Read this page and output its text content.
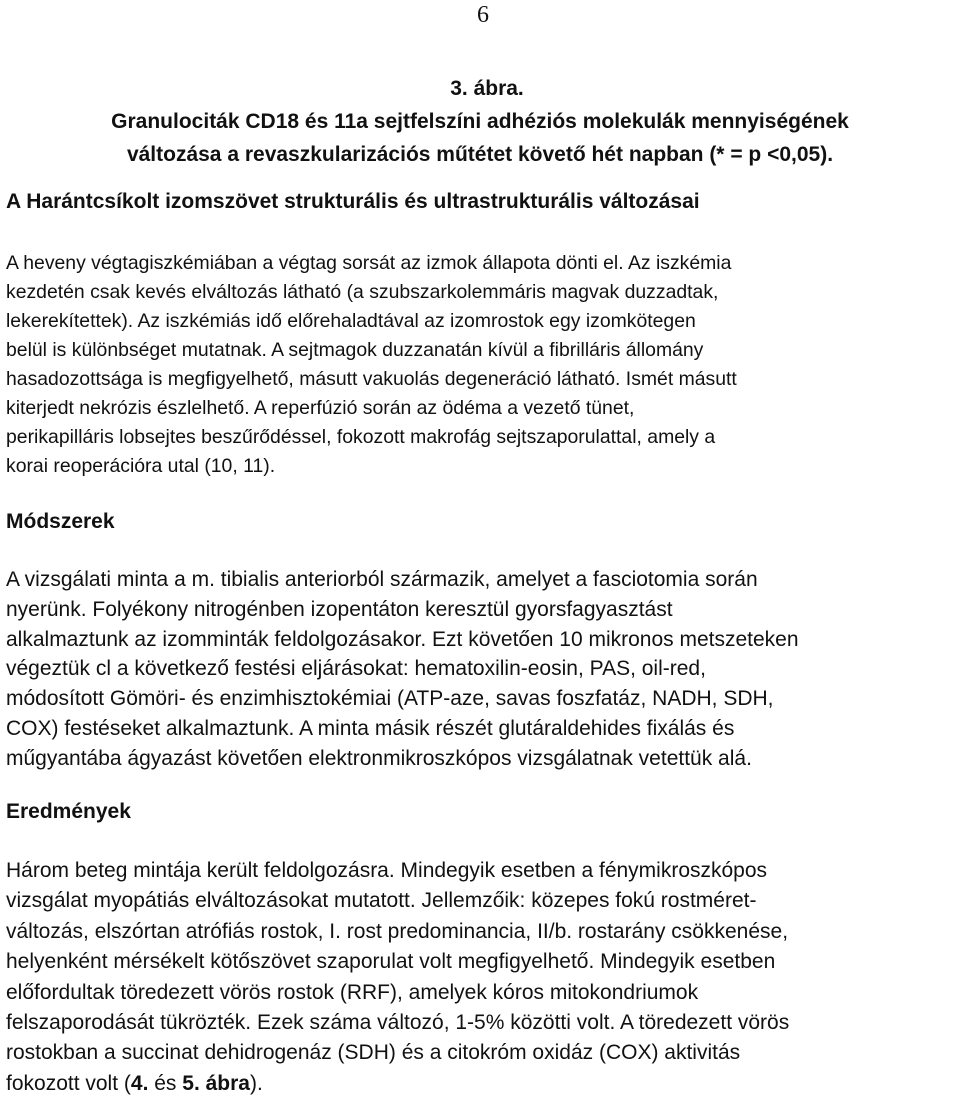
6
3. ábra.
Granulociták CD18 és 11a sejtfelszíni adhéziós molekulák mennyiségének
változása a revaszkularizációs műtétet követő hét napban (* = p <0,05).
A Harántcsíkolt izomszövet strukturális és ultrastrukturális változásai

A heveny végtagiszkémiában a végtag sorsát az izmok állapota dönti el. Az iszkémia
kezdetén csak kevés elváltozás látható (a szubszarkolemmáris magvak duzzadtak,
lekerekítettek). Az iszkémiás idő előrehaladtával az izomrostok egy izomkötegen
belül is különbséget mutatnak. A sejtmagok duzzanatán kívül a fibrilláris állomány
hasadozottsága is megfigyelhető, másutt vakuolás degeneráció látható. Ismét másutt
kiterjedt nekrózis észlelhető. A reperfúzió során az ödéma a vezető tünet,
perikapilláris lobsejtes beszűrődéssel, fokozott makrofág sejtszaporulattal, amely a
korai reoperációra utal (10, 11).

Módszerek

A vizsgálati minta a m. tibialis anteriorból származik, amelyet a fasciotomia során
nyerünk. Folyékony nitrogénben izopentáton keresztül gyorsfagyasztást
alkalmaztunk az izomminták feldolgozásakor. Ezt követően 10 mikronos metszeteken
végeztük cl a következő festési eljárásokat: hematoxilin-eosin, PAS, oil-red,
módosított Gömöri- és enzimhisztokémiai (ATP-aze, savas foszfatáz, NADH, SDH,
COX) festéseket alkalmaztunk. A minta másik részét glutáraldehides fixálás és
műgyantába ágyazást követően elektronmikroszkópos vizsgálatnak vetettük alá.

Eredmények

Három beteg mintája került feldolgozásra. Mindegyik esetben a fénymikroszkópos
vizsgálat myopátiás elváltozásokat mutatott. Jellemzőik: közepes fokú rostméret-
változás, elszórtan atrófiás rostok, I. rost predominancia, II/b. rostarány csökkenése,
helyenként mérsékelt kötőszövet szaporulat volt megfigyelhető. Mindegyik esetben
előfordultak töredezett vörös rostok (RRF), amelyek kóros mitokondriumok
felszaporodását tükrözték. Ezek száma változó, 1-5% közötti volt. A töredezett vörös
rostokban a succinat dehidrogenáz (SDH) és a citokróm oxidáz (COX) aktivitás
fokozott volt (4. és 5. ábra).
